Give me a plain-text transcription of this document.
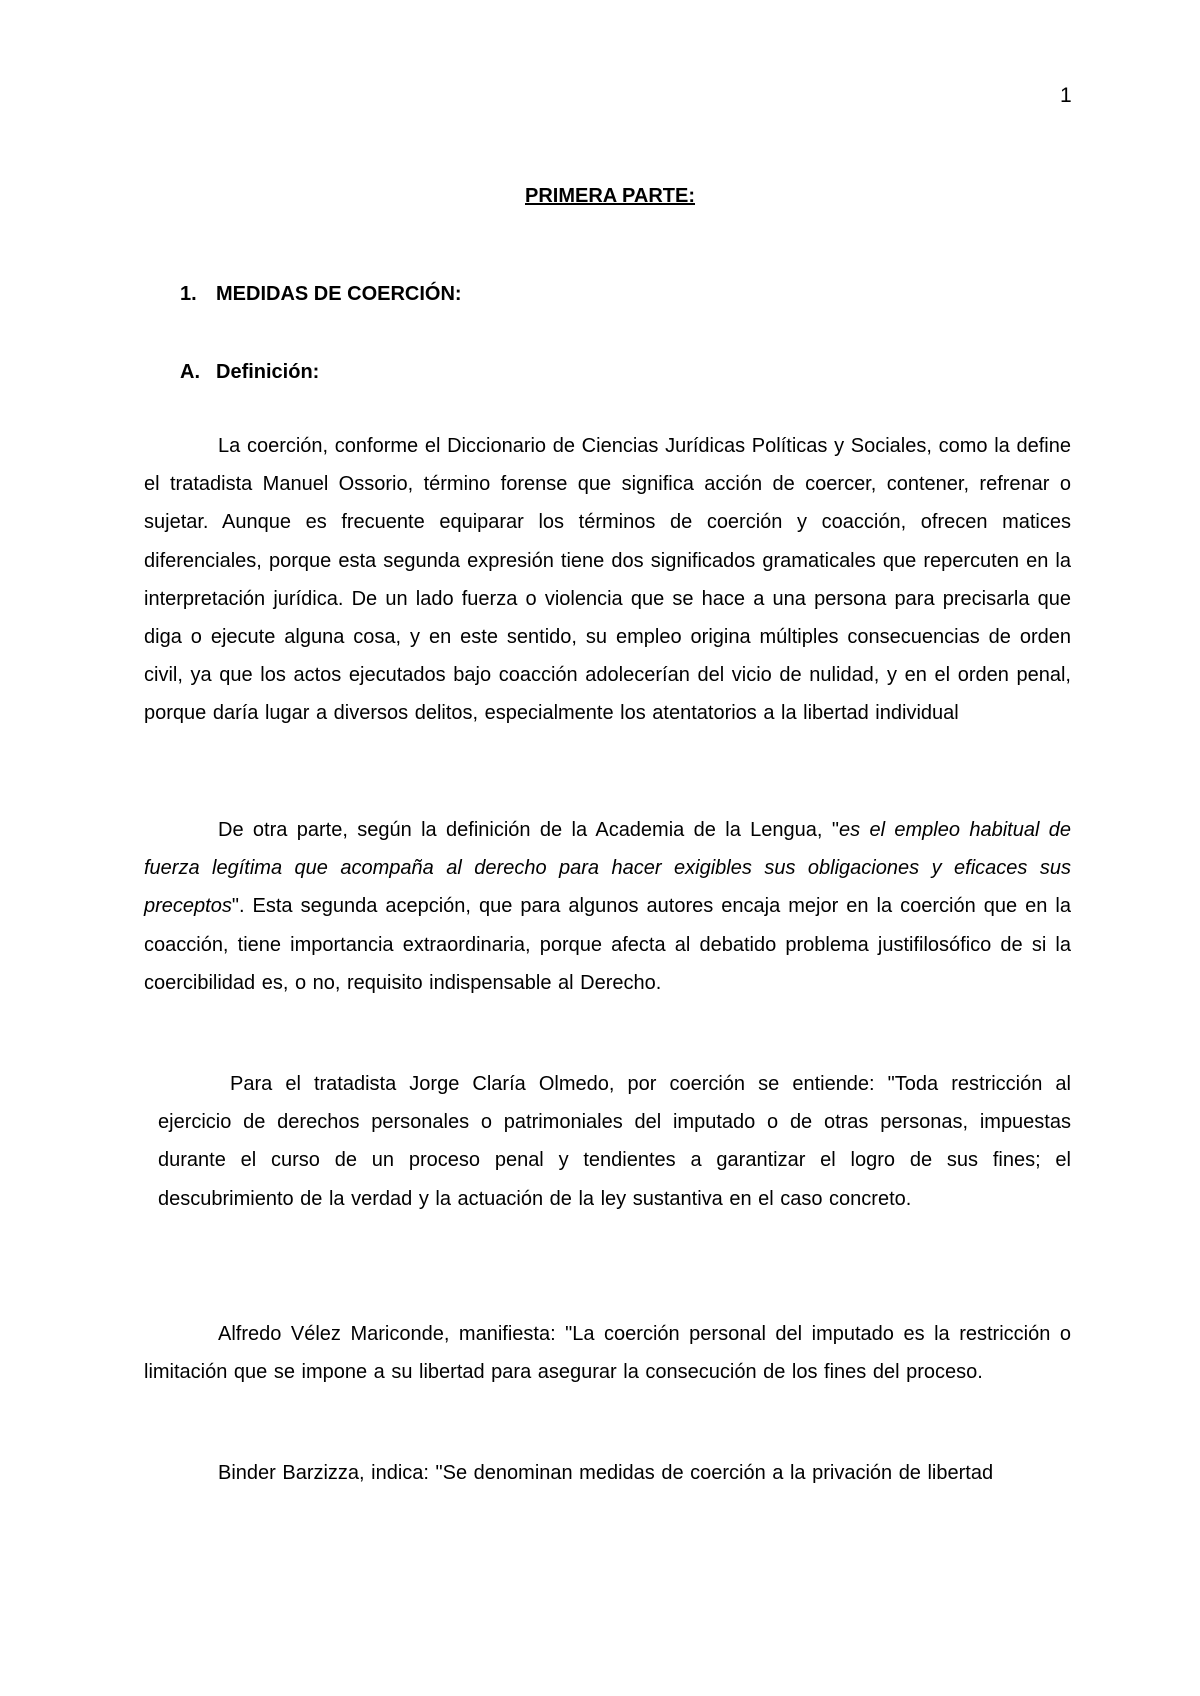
1
PRIMERA PARTE:
1. MEDIDAS DE COERCIÓN:
A. Definición:

La coerción, conforme el Diccionario de Ciencias Jurídicas Políticas y Sociales, como la define el tratadista Manuel Ossorio, término forense que significa acción de coercer, contener, refrenar o sujetar. Aunque es frecuente equiparar los términos de coerción y coacción, ofrecen matices diferenciales, porque esta segunda expresión tiene dos significados gramaticales que repercuten en la interpretación jurídica. De un lado fuerza o violencia que se hace a una persona para precisarla que diga o ejecute alguna cosa, y en este sentido, su empleo origina múltiples consecuencias de orden civil, ya que los actos ejecutados bajo coacción adolecerían del vicio de nulidad, y en el orden penal, porque daría lugar a diversos delitos, especialmente los atentatorios a la libertad individual

De otra parte, según la definición de la Academia de la Lengua, "es el empleo habitual de fuerza legítima que acompaña al derecho para hacer exigibles sus obligaciones y eficaces sus preceptos". Esta segunda acepción, que para algunos autores encaja mejor en la coerción que en la coacción, tiene importancia extraordinaria, porque afecta al debatido problema justifilosófico de si la coercibilidad es, o no, requisito indispensable al Derecho.

Para el tratadista Jorge Claría Olmedo, por coerción se entiende: "Toda restricción al ejercicio de derechos personales o patrimoniales del imputado o de otras personas, impuestas durante el curso de un proceso penal y tendientes a garantizar el logro de sus fines; el descubrimiento de la verdad y la actuación de la ley sustantiva en el caso concreto.

Alfredo Vélez Mariconde, manifiesta: "La coerción personal del imputado es la restricción o limitación que se impone a su libertad para asegurar la consecución de los fines del proceso.

Binder Barzizza, indica: "Se denominan medidas de coerción a la privación de libertad
